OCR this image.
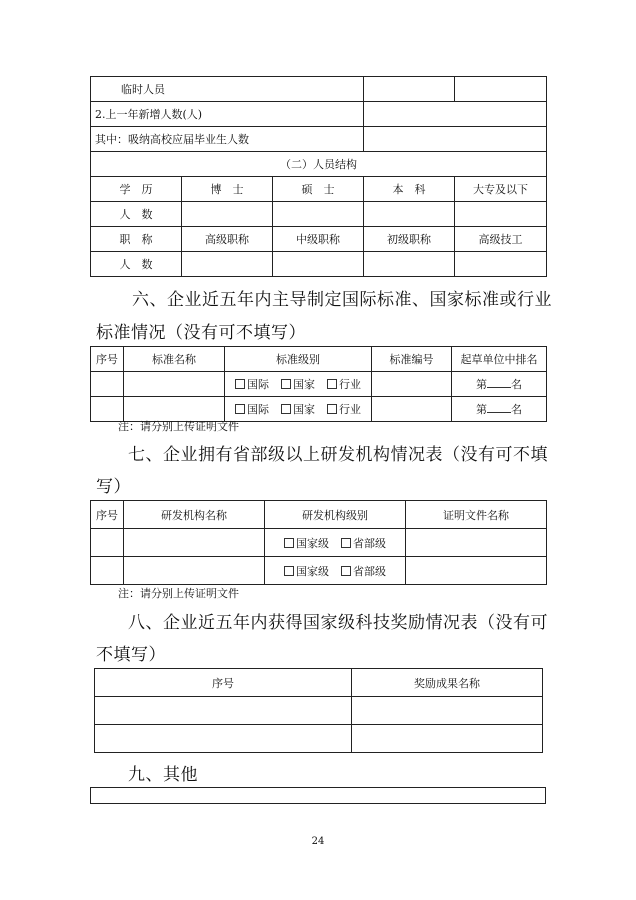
临时人员		
2.上一年新增人数(人)		
其中：吸纳高校应届毕业生人数		
（二）人员结构		
学　历	博　士	硕　士	本　科	大专及以下
人　数				
职　称	高级职称	中级职称	初级职称	高级技工
人　数				
六、企业近五年内主导制定国际标准、国家标准或行业
标准情况（没有可不填写）
序号	标准名称	标准级别	标准编号	起草单位中排名
		国际 国家 行业		第 名
		国际 国家 行业		第 名
注：请分别上传证明文件
七、企业拥有省部级以上研发机构情况表（没有可不填
写）
序号	研发机构名称	研发机构级别	证明文件名称
		国家级 省部级	
		国家级 省部级	
注：请分别上传证明文件
八、企业近五年内获得国家级科技奖励情况表（没有可
不填写）
序号	奖励成果名称

九、其他
24
